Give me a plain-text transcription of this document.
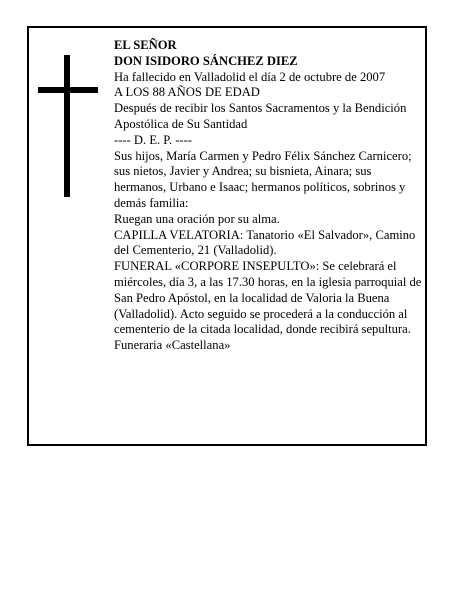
EL SEÑOR

DON ISIDORO SÁNCHEZ DIEZ

Ha fallecido en Valladolid el día 2 de octubre de 2007

A LOS 88 AÑOS DE EDAD

Después de recibir los Santos Sacramentos y la Bendición Apostólica de Su Santidad

---- D. E. P. ----

Sus hijos, María Carmen y Pedro Félix Sánchez Carnicero; sus nietos, Javier y Andrea; su bisnieta, Ainara; sus hermanos, Urbano e Isaac; hermanos políticos, sobrinos y demás familia:

Ruegan una oración por su alma.

CAPILLA VELATORIA: Tanatorio «El Salvador», Camino del Cementerio, 21 (Valladolid).

FUNERAL «CORPORE INSEPULTO»: Se celebrará el miércoles, día 3, a las 17.30 horas, en la iglesia parroquial de San Pedro Apóstol, en la localidad de Valoria la Buena (Valladolid). Acto seguido se procederá a la conducción al cementerio de la citada localidad, donde recibirá sepultura.

Funeraria «Castellana»
